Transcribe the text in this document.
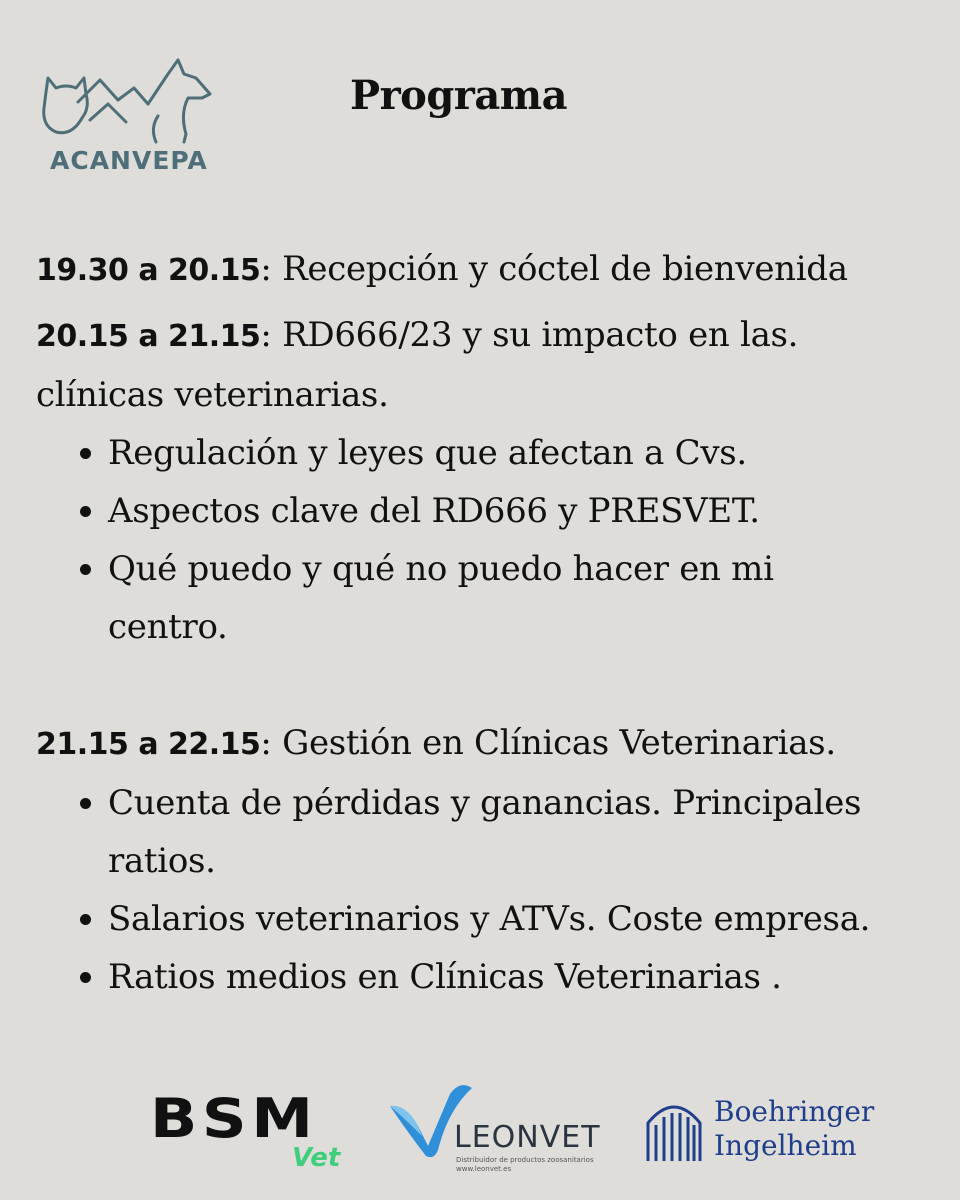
ACANVEPA
Programa

19.30 a 20.15: Recepción y cóctel de bienvenida

20.15 a 21.15: RD666/23 y su impacto en las.

clínicas veterinarias.

Regulación y leyes que afectan a Cvs.
Aspectos clave del RD666 y PRESVET.
Qué puedo y qué no puedo hacer en mi
centro.

21.15 a 22.15: Gestión en Clínicas Veterinarias.

Cuenta de pérdidas y ganancias. Principales
ratios.
Salarios veterinarios y ATVs. Coste empresa.
Ratios medios en Clínicas Veterinarias .
BSM
Vet
LEONVET
Distribuidor de productos zoosanitarios www.leonvet.es
Boehringer
Ingelheim
